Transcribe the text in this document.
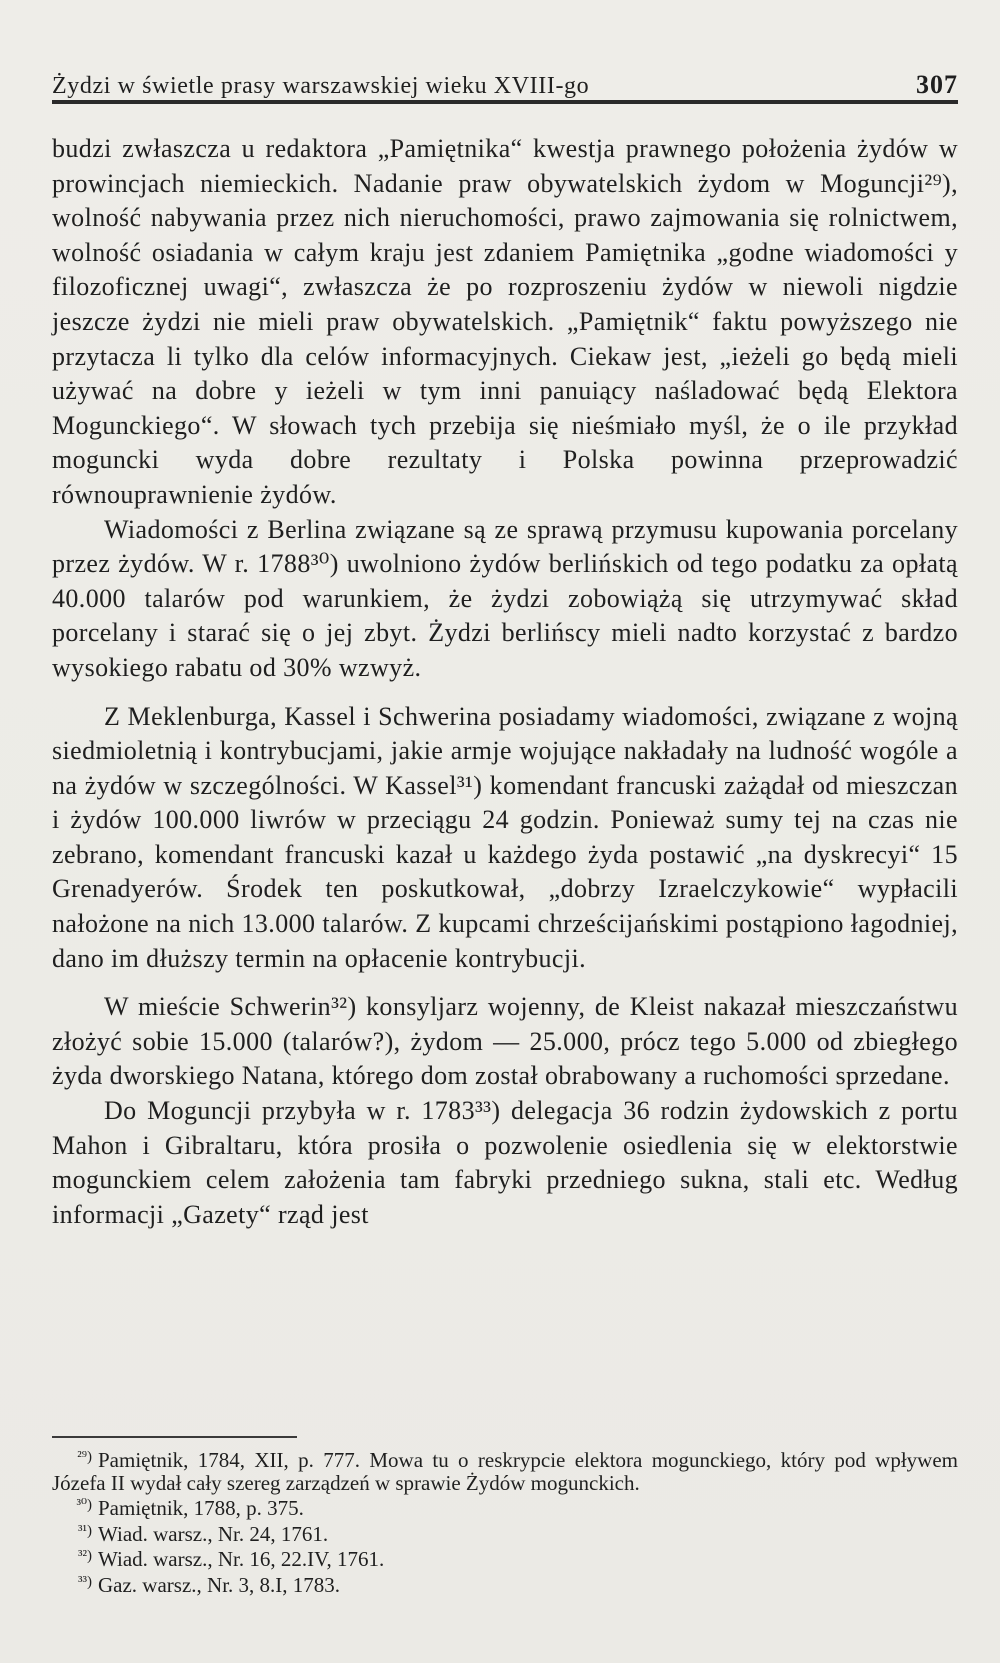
Żydzi w świetle prasy warszawskiej wieku XVIII-go	307

budzi zwłaszcza u redaktora „Pamiętnika“ kwestja prawnego położenia żydów w prowincjach niemieckich. Nadanie praw obywatelskich żydom w Moguncji²⁹), wolność nabywania przez nich nieruchomości, prawo zajmowania się rolnictwem, wolność osiadania w całym kraju jest zdaniem Pamiętnika „godne wiadomości y filozoficznej uwagi“, zwłaszcza że po rozproszeniu żydów w niewoli nigdzie jeszcze żydzi nie mieli praw obywatelskich. „Pamiętnik“ faktu powyższego nie przytacza li tylko dla celów informacyjnych. Ciekaw jest, „ieżeli go będą mieli używać na dobre y ieżeli w tym inni panuiący naśladować będą Elektora Mogunckiego“. W słowach tych przebija się nieśmiało myśl, że o ile przykład moguncki wyda dobre rezultaty i Polska powinna przeprowadzić równouprawnienie żydów.

Wiadomości z Berlina związane są ze sprawą przymusu kupowania porcelany przez żydów. W r. 1788³⁰) uwolniono żydów berlińskich od tego podatku za opłatą 40.000 talarów pod warunkiem, że żydzi zobowiążą się utrzymywać skład porcelany i starać się o jej zbyt. Żydzi berlińscy mieli nadto korzystać z bardzo wysokiego rabatu od 30% wzwyż.

Z Meklenburga, Kassel i Schwerina posiadamy wiadomości, związane z wojną siedmioletnią i kontrybucjami, jakie armje wojujące nakładały na ludność wogóle a na żydów w szczególności. W Kassel³¹) komendant francuski zażądał od mieszczan i żydów 100.000 liwrów w przeciągu 24 godzin. Ponieważ sumy tej na czas nie zebrano, komendant francuski kazał u każdego żyda postawić „na dyskrecyi“ 15 Grenadyerów. Środek ten poskutkował, „dobrzy Izraelczykowie“ wypłacili nałożone na nich 13.000 talarów. Z kupcami chrześcijańskimi postąpiono łagodniej, dano im dłuższy termin na opłacenie kontrybucji.

W mieście Schwerin³²) konsyljarz wojenny, de Kleist nakazał mieszczaństwu złożyć sobie 15.000 (talarów?), żydom — 25.000, prócz tego 5.000 od zbiegłego żyda dworskiego Natana, którego dom został obrabowany a ruchomości sprzedane.

Do Moguncji przybyła w r. 1783³³) delegacja 36 rodzin żydowskich z portu Mahon i Gibraltaru, która prosiła o pozwolenie osiedlenia się w elektorstwie mogunckiem celem założenia tam fabryki przedniego sukna, stali etc. Według informacji „Gazety“ rząd jest

²⁹) Pamiętnik, 1784, XII, p. 777. Mowa tu o reskrypcie elektora mogunckiego, który pod wpływem Józefa II wydał cały szereg zarządzeń w sprawie Żydów mogunckich.

³⁰) Pamiętnik, 1788, p. 375.

³¹) Wiad. warsz., Nr. 24, 1761.

³²) Wiad. warsz., Nr. 16, 22.IV, 1761.

³³) Gaz. warsz., Nr. 3, 8.I, 1783.
